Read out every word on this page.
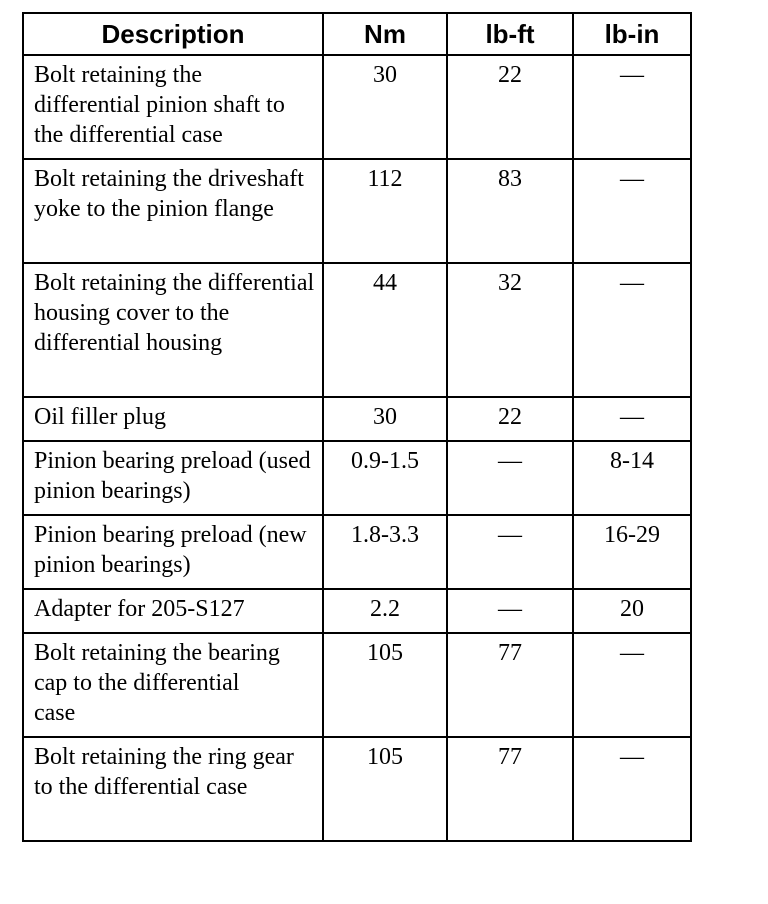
Description	Nm	lb-ft	lb-in
Bolt retaining the differential pinion shaft to the differential case	30	22	—
Bolt retaining the driveshaft yoke to the pinion flange	112	83	—
Bolt retaining the differential housing cover to the differential housing	44	32	—
Oil filler plug	30	22	—
Pinion bearing preload (used pinion bearings)	0.9-1.5	—	8-14
Pinion bearing preload (new pinion bearings)	1.8-3.3	—	16-29
Adapter for 205-S127	2.2	—	20
Bolt retaining the bearing cap to the differential case	105	77	—
Bolt retaining the ring gear to the differential case	105	77	—
